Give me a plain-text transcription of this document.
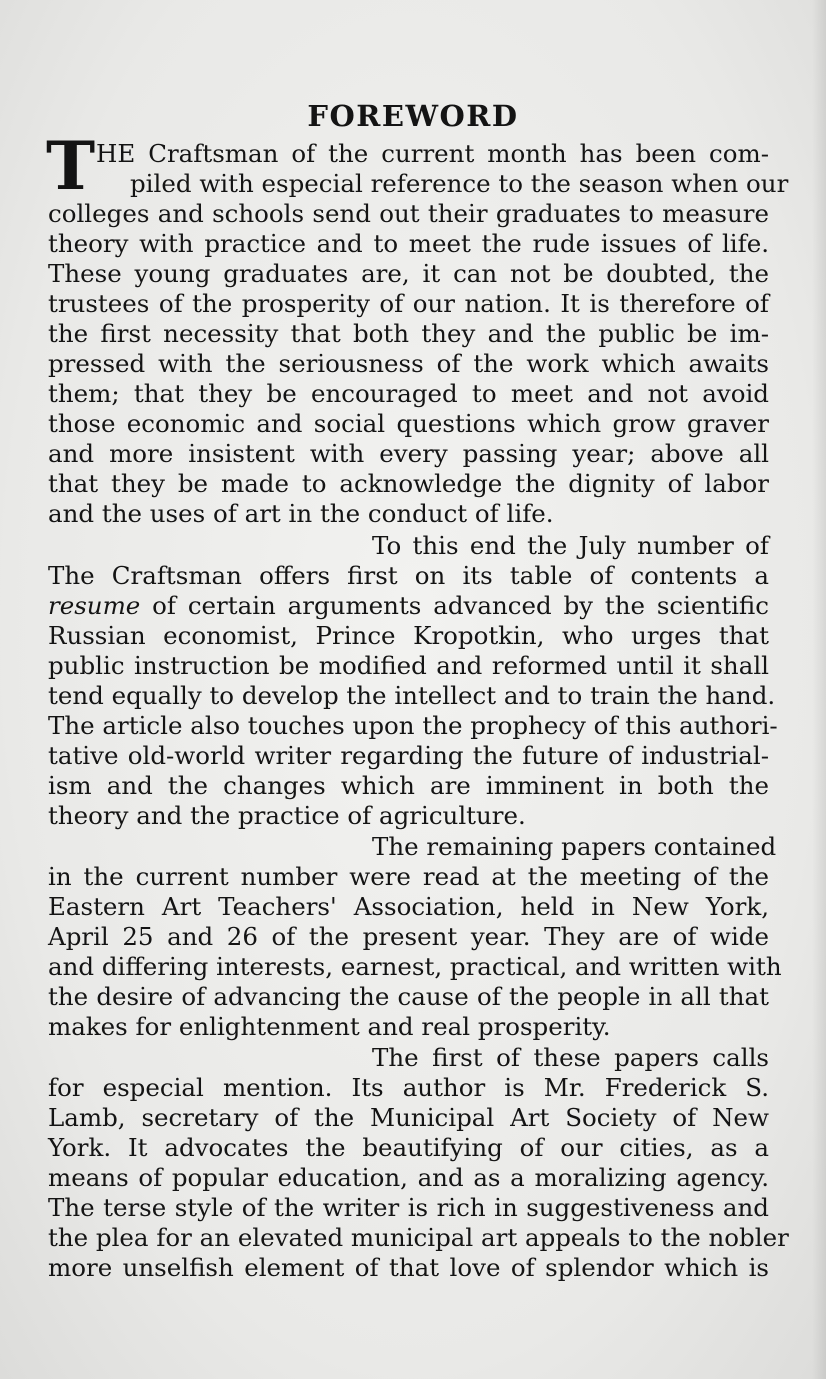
FOREWORD
T HE Craftsman of the current month has been com-
piled with especial reference to the season when our
colleges and schools send out their graduates to measure
theory with practice and to meet the rude issues of life.
These young graduates are, it can not be doubted, the
trustees of the prosperity of our nation. It is therefore of
the first necessity that both they and the public be im-
pressed with the seriousness of the work which awaits
them; that they be encouraged to meet and not avoid
those economic and social questions which grow graver
and more insistent with every passing year; above all
that they be made to acknowledge the dignity of labor
and the uses of art in the conduct of life.
To this end the July number of
The Craftsman offers first on its table of contents a
resume of certain arguments advanced by the scientific
Russian economist, Prince Kropotkin, who urges that
public instruction be modified and reformed until it shall
tend equally to develop the intellect and to train the hand.
The article also touches upon the prophecy of this authori-
tative old-world writer regarding the future of industrial-
ism and the changes which are imminent in both the
theory and the practice of agriculture.
The remaining papers contained
in the current number were read at the meeting of the
Eastern Art Teachers' Association, held in New York,
April 25 and 26 of the present year. They are of wide
and differing interests, earnest, practical, and written with
the desire of advancing the cause of the people in all that
makes for enlightenment and real prosperity.
The first of these papers calls
for especial mention. Its author is Mr. Frederick S.
Lamb, secretary of the Municipal Art Society of New
York. It advocates the beautifying of our cities, as a
means of popular education, and as a moralizing agency.
The terse style of the writer is rich in suggestiveness and
the plea for an elevated municipal art appeals to the nobler
more unselfish element of that love of splendor which is
